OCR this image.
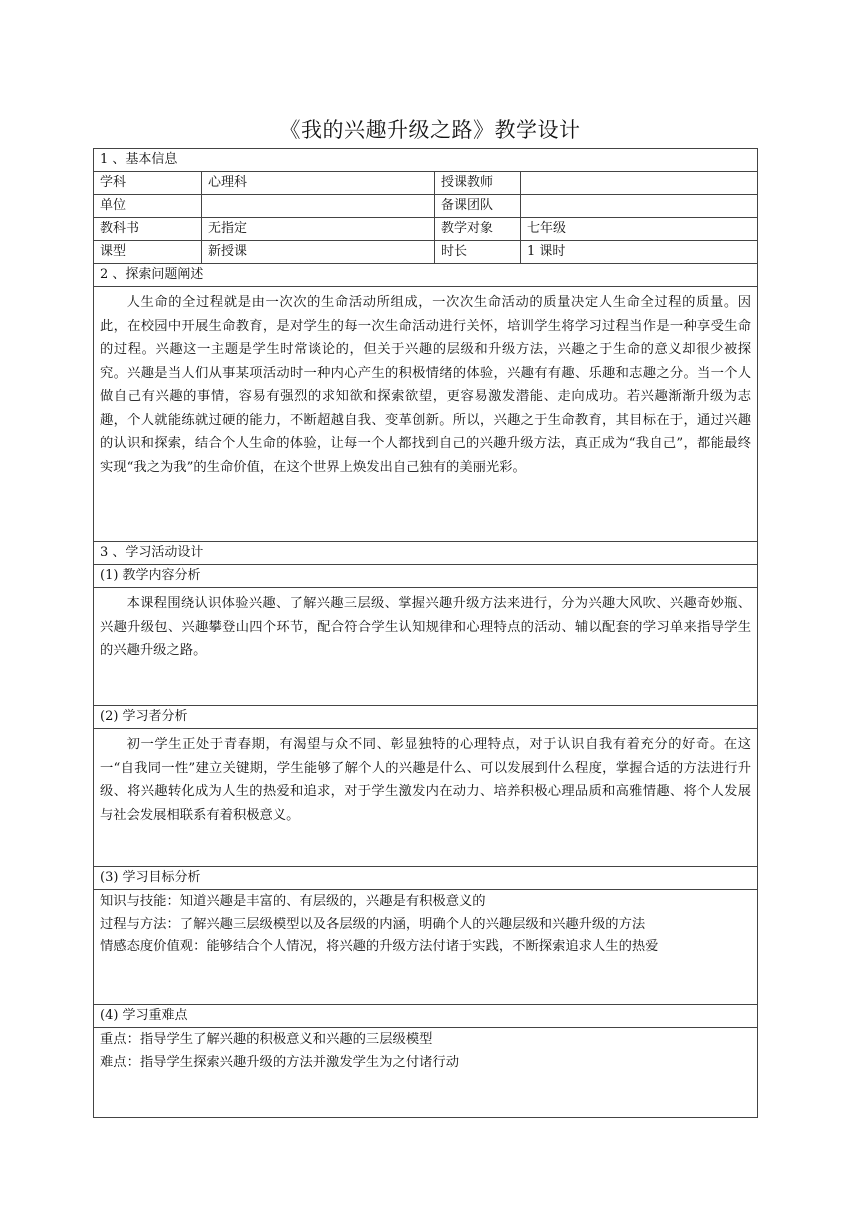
《我的兴趣升级之路》教学设计
1 、基本信息			
学科	心理科	授课教师	
单位		备课团队	
教科书	无指定	教学对象	七年级
课型	新授课	时长	1 课时
2 、探索问题阐述			

人生命的全过程就是由一次次的生命活动所组成，一次次生命活动的质量决定人生命全过程的质量。因此，在校园中开展生命教育，是对学生的每一次生命活动进行关怀，培训学生将学习过程当作是一种享受生命的过程。兴趣这一主题是学生时常谈论的，但关于兴趣的层级和升级方法，兴趣之于生命的意义却很少被探究。兴趣是当人们从事某项活动时一种内心产生的积极情绪的体验，兴趣有有趣、乐趣和志趣之分。当一个人做自己有兴趣的事情，容易有强烈的求知欲和探索欲望，更容易激发潜能、走向成功。若兴趣渐渐升级为志趣，个人就能练就过硬的能力，不断超越自我、变革创新。所以，兴趣之于生命教育，其目标在于，通过兴趣的认识和探索，结合个人生命的体验，让每一个人都找到自己的兴趣升级方法，真正成为“我自己”，都能最终实现“我之为我”的生命价值，在这个世界上焕发出自己独有的美丽光彩。			

3 、学习活动设计			
(1) 教学内容分析			

本课程围绕认识体验兴趣、了解兴趣三层级、掌握兴趣升级方法来进行，分为兴趣大风吹、兴趣奇妙瓶、兴趣升级包、兴趣攀登山四个环节，配合符合学生认知规律和心理特点的活动、辅以配套的学习单来指导学生的兴趣升级之路。			

(2) 学习者分析			

初一学生正处于青春期，有渴望与众不同、彰显独特的心理特点，对于认识自我有着充分的好奇。在这一“自我同一性”建立关键期，学生能够了解个人的兴趣是什么、可以发展到什么程度，掌握合适的方法进行升级、将兴趣转化成为人生的热爱和追求，对于学生激发内在动力、培养积极心理品质和高雅情趣、将个人发展与社会发展相联系有着积极意义。			

(3) 学习目标分析			

知识与技能：知道兴趣是丰富的、有层级的，兴趣是有积极意义的
过程与方法：了解兴趣三层级模型以及各层级的内涵，明确个人的兴趣层级和兴趣升级的方法
情感态度价值观：能够结合个人情况，将兴趣的升级方法付诸于实践，不断探索追求人生的热爱			

(4) 学习重难点			

重点：指导学生了解兴趣的积极意义和兴趣的三层级模型
难点：指导学生探索兴趣升级的方法并激发学生为之付诸行动			
